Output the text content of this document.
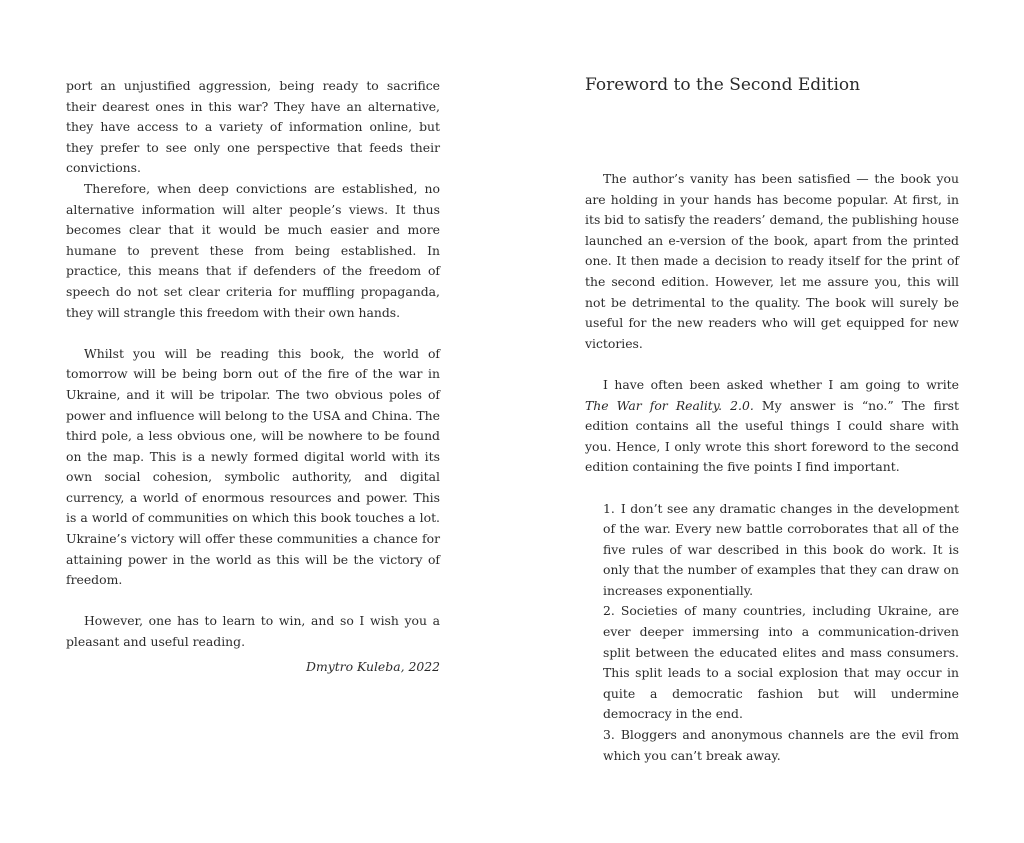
port an unjustified aggression, being ready to sacrifice their dearest ones in this war? They have an alternative, they have access to a variety of information online, but they prefer to see only one perspective that feeds their convictions.

Therefore, when deep convictions are established, no alternative information will alter people’s views. It thus becomes clear that it would be much easier and more humane to prevent these from being established. In practice, this means that if defenders of the freedom of speech do not set clear criteria for muffling propaganda, they will strangle this freedom with their own hands.

Whilst you will be reading this book, the world of tomorrow will be being born out of the fire of the war in Ukraine, and it will be tripolar. The two obvious poles of power and influence will belong to the USA and China. The third pole, a less obvious one, will be nowhere to be found on the map. This is a newly formed digital world with its own social cohesion, symbolic authority, and digital currency, a world of enormous resources and power. This is a world of communities on which this book touches a lot. Ukraine’s victory will offer these communities a chance for attaining power in the world as this will be the victory of freedom.

However, one has to learn to win, and so I wish you a pleasant and useful reading.

Dmytro Kuleba, 2022

Foreword to the Second Edition

The author’s vanity has been satisfied — the book you are holding in your hands has become popular. At first, in its bid to satisfy the readers’ demand, the publishing house launched an e-version of the book, apart from the printed one. It then made a decision to ready itself for the print of the second edition. However, let me assure you, this will not be detrimental to the quality. The book will surely be useful for the new readers who will get equipped for new victories.

I have often been asked whether I am going to write The War for Reality. 2.0. My answer is “no.” The first edition contains all the useful things I could share with you. Hence, I only wrote this short foreword to the second edition containing the five points I find important.

1. I don’t see any dramatic changes in the development of the war. Every new battle corroborates that all of the five rules of war described in this book do work. It is only that the number of examples that they can draw on increases exponentially.
2. Societies of many countries, including Ukraine, are ever deeper immersing into a communication-driven split between the educated elites and mass consumers. This split leads to a social explosion that may occur in quite a democratic fashion but will undermine democracy in the end.
3. Bloggers and anonymous channels are the evil from which you can’t break away.
